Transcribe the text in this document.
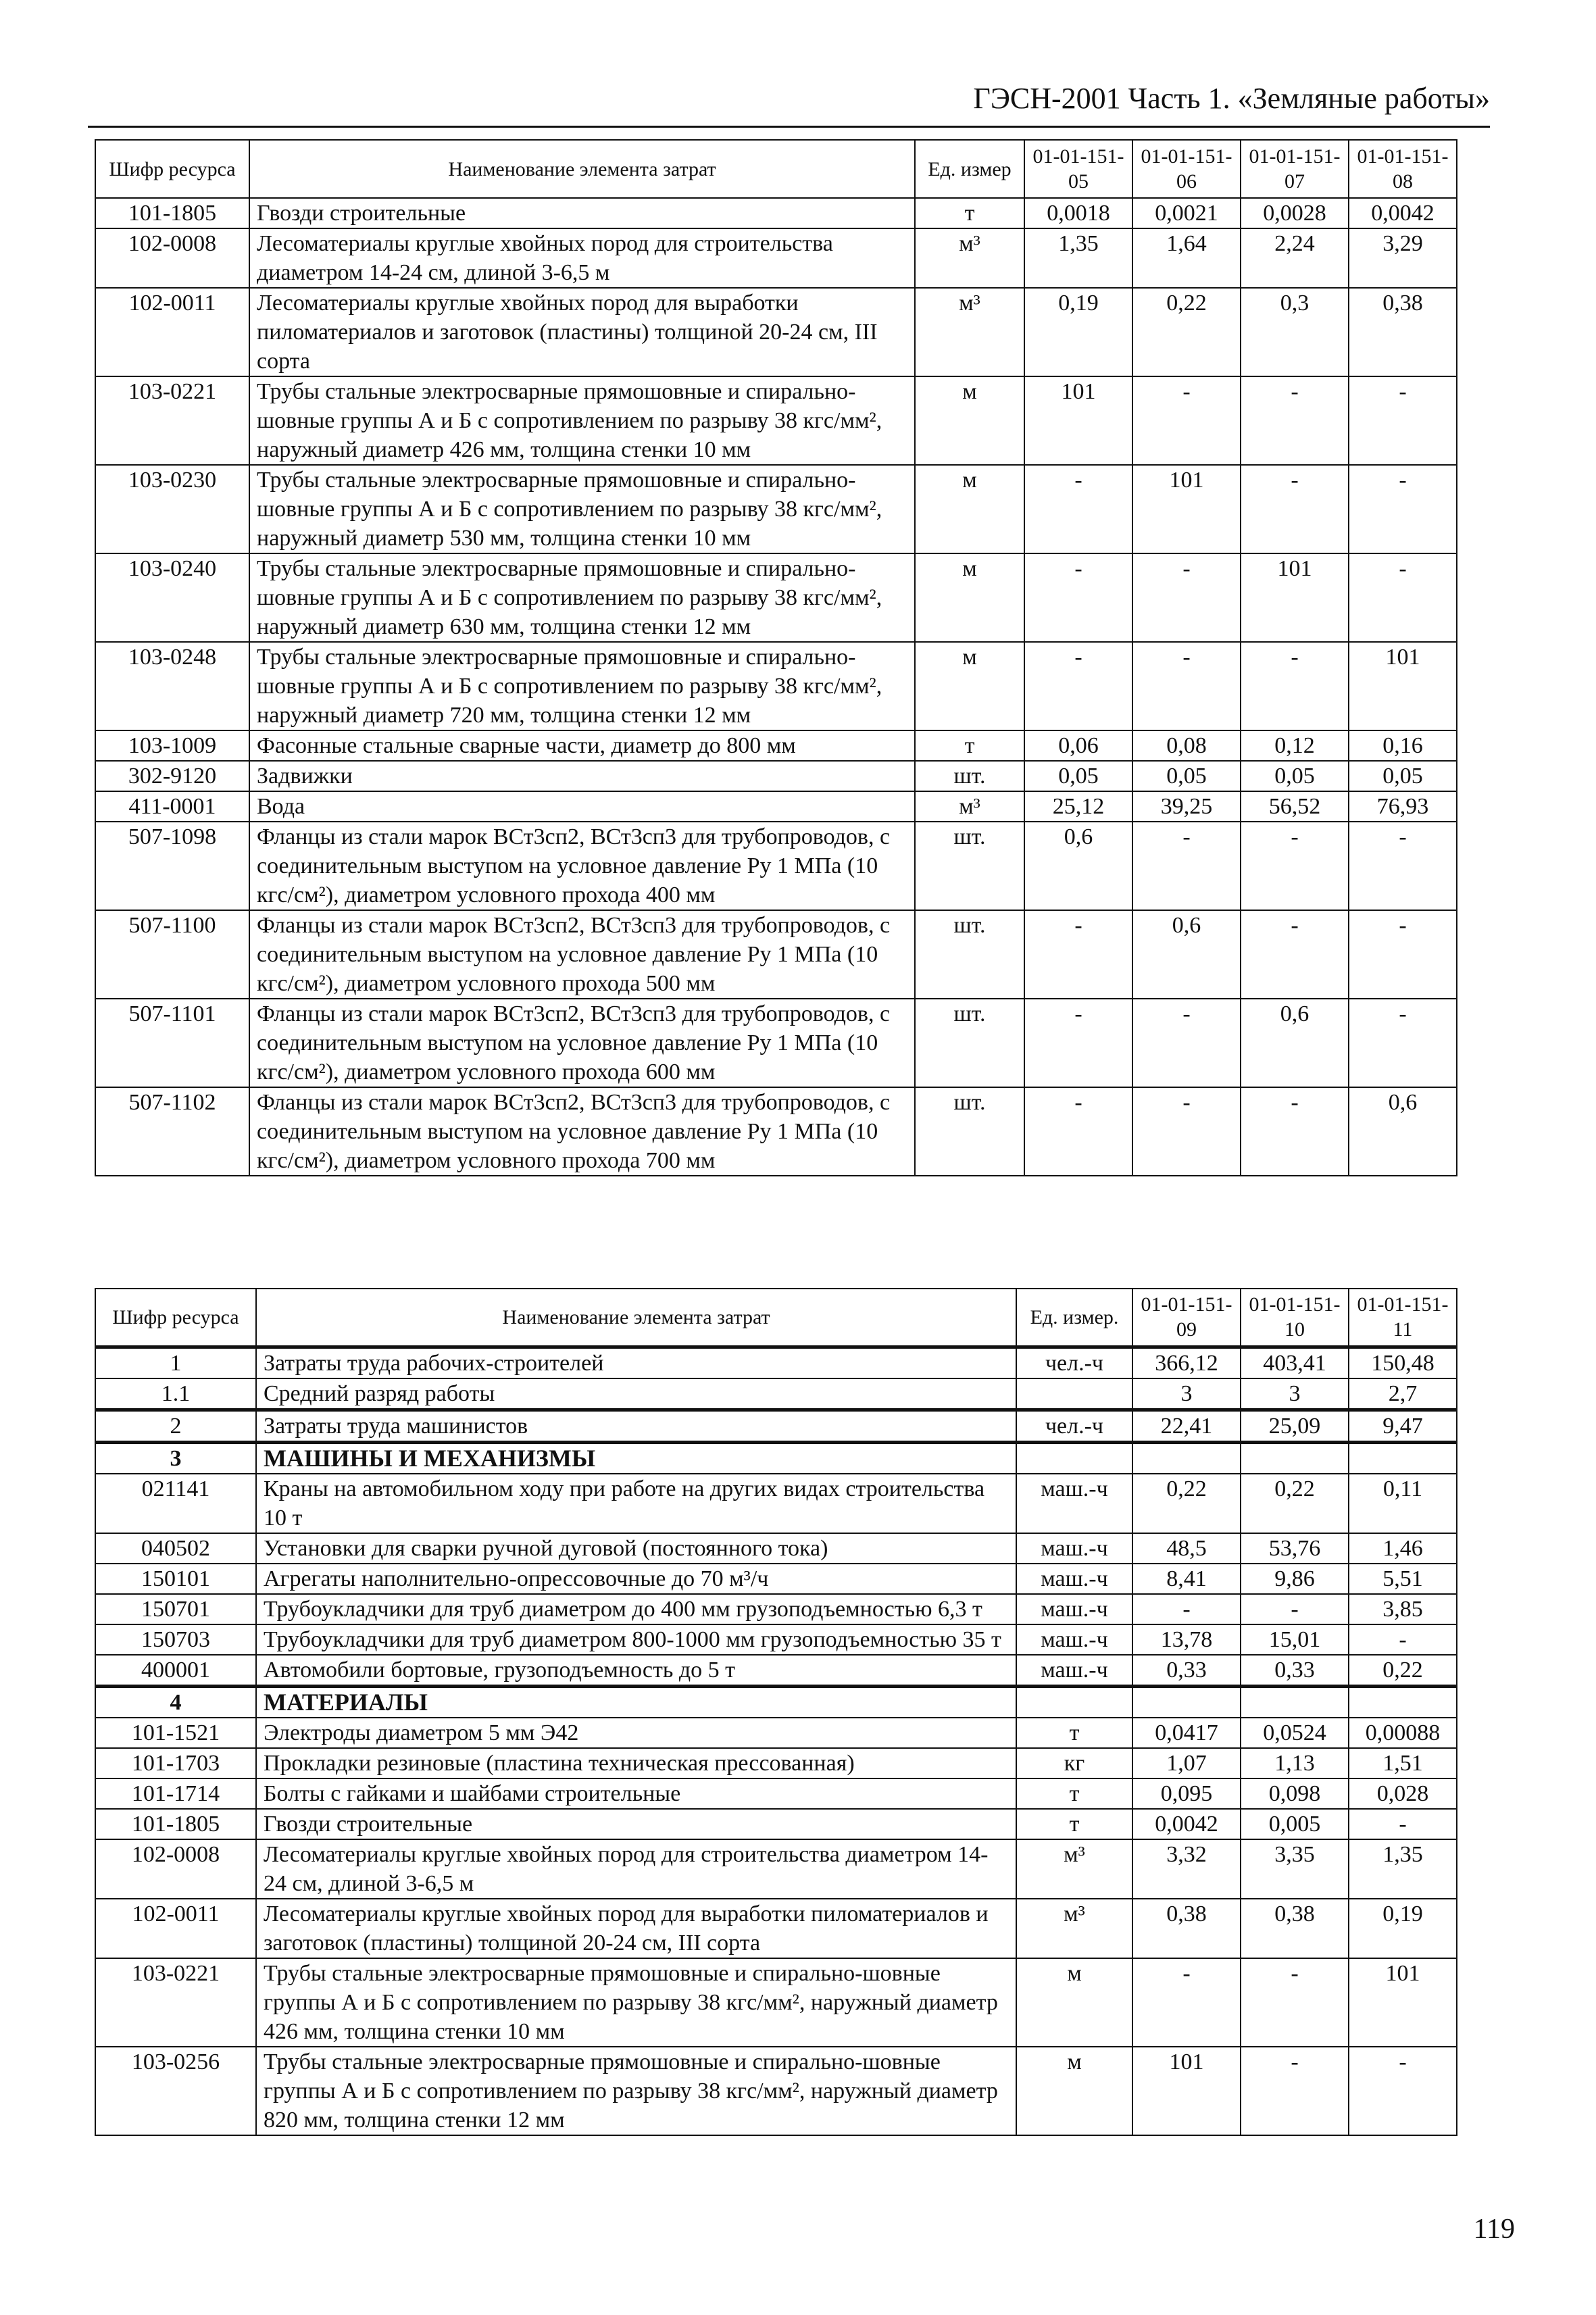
ГЭСН-2001 Часть 1. «Земляные работы»
Шифр ресурса	Наименование элемента затрат	Ед. измер	01-01-151-05	01-01-151-06	01-01-151-07	01-01-151-08
101-1805	Гвозди строительные	т	0,0018	0,0021	0,0028	0,0042
102-0008	Лесоматериалы круглые хвойных пород для строительства диаметром 14-24 см, длиной 3-6,5 м	м³	1,35	1,64	2,24	3,29
102-0011	Лесоматериалы круглые хвойных пород для выработки пиломатериалов и заготовок (пластины) толщиной 20-24 см, III сорта	м³	0,19	0,22	0,3	0,38
103-0221	Трубы стальные электросварные прямошовные и спирально-шовные группы А и Б с сопротивлением по разрыву 38 кгс/мм², наружный диаметр 426 мм, толщина стенки 10 мм	м	101	-	-	-
103-0230	Трубы стальные электросварные прямошовные и спирально-шовные группы А и Б с сопротивлением по разрыву 38 кгс/мм², наружный диаметр 530 мм, толщина стенки 10 мм	м	-	101	-	-
103-0240	Трубы стальные электросварные прямошовные и спирально-шовные группы А и Б с сопротивлением по разрыву 38 кгс/мм², наружный диаметр 630 мм, толщина стенки 12 мм	м	-	-	101	-
103-0248	Трубы стальные электросварные прямошовные и спирально-шовные группы А и Б с сопротивлением по разрыву 38 кгс/мм², наружный диаметр 720 мм, толщина стенки 12 мм	м	-	-	-	101
103-1009	Фасонные стальные сварные части, диаметр до 800 мм	т	0,06	0,08	0,12	0,16
302-9120	Задвижки	шт.	0,05	0,05	0,05	0,05
411-0001	Вода	м³	25,12	39,25	56,52	76,93
507-1098	Фланцы из стали марок ВСт3сп2, ВСт3сп3 для трубопроводов, с соединительным выступом на условное давление Ру 1 МПа (10 кгс/см²), диаметром условного прохода 400 мм	шт.	0,6	-	-	-
507-1100	Фланцы из стали марок ВСт3сп2, ВСт3сп3 для трубопроводов, с соединительным выступом на условное давление Ру 1 МПа (10 кгс/см²), диаметром условного прохода 500 мм	шт.	-	0,6	-	-
507-1101	Фланцы из стали марок ВСт3сп2, ВСт3сп3 для трубопроводов, с соединительным выступом на условное давление Ру 1 МПа (10 кгс/см²), диаметром условного прохода 600 мм	шт.	-	-	0,6	-
507-1102	Фланцы из стали марок ВСт3сп2, ВСт3сп3 для трубопроводов, с соединительным выступом на условное давление Ру 1 МПа (10 кгс/см²), диаметром условного прохода 700 мм	шт.	-	-	-	0,6
Шифр ресурса	Наименование элемента затрат	Ед. измер.	01-01-151-09	01-01-151-10	01-01-151-11
1	Затраты труда рабочих-строителей	чел.-ч	366,12	403,41	150,48
1.1	Средний разряд работы		3	3	2,7
2	Затраты труда машинистов	чел.-ч	22,41	25,09	9,47
3	МАШИНЫ И МЕХАНИЗМЫ				
021141	Краны на автомобильном ходу при работе на других видах строительства 10 т	маш.-ч	0,22	0,22	0,11
040502	Установки для сварки ручной дуговой (постоянного тока)	маш.-ч	48,5	53,76	1,46
150101	Агрегаты наполнительно-опрессовочные до 70 м³/ч	маш.-ч	8,41	9,86	5,51
150701	Трубоукладчики для труб диаметром до 400 мм грузоподъемностью 6,3 т	маш.-ч	-	-	3,85
150703	Трубоукладчики для труб диаметром 800-1000 мм грузоподъемностью 35 т	маш.-ч	13,78	15,01	-
400001	Автомобили бортовые, грузоподъемность до 5 т	маш.-ч	0,33	0,33	0,22
4	МАТЕРИАЛЫ				
101-1521	Электроды диаметром 5 мм Э42	т	0,0417	0,0524	0,00088
101-1703	Прокладки резиновые (пластина техническая прессованная)	кг	1,07	1,13	1,51
101-1714	Болты с гайками и шайбами строительные	т	0,095	0,098	0,028
101-1805	Гвозди строительные	т	0,0042	0,005	-
102-0008	Лесоматериалы круглые хвойных пород для строительства диаметром 14-24 см, длиной 3-6,5 м	м³	3,32	3,35	1,35
102-0011	Лесоматериалы круглые хвойных пород для выработки пиломатериалов и заготовок (пластины) толщиной 20-24 см, III сорта	м³	0,38	0,38	0,19
103-0221	Трубы стальные электросварные прямошовные и спирально-шовные группы А и Б с сопротивлением по разрыву 38 кгс/мм², наружный диаметр 426 мм, толщина стенки 10 мм	м	-	-	101
103-0256	Трубы стальные электросварные прямошовные и спирально-шовные группы А и Б с сопротивлением по разрыву 38 кгс/мм², наружный диаметр 820 мм, толщина стенки 12 мм	м	101	-	-
119
